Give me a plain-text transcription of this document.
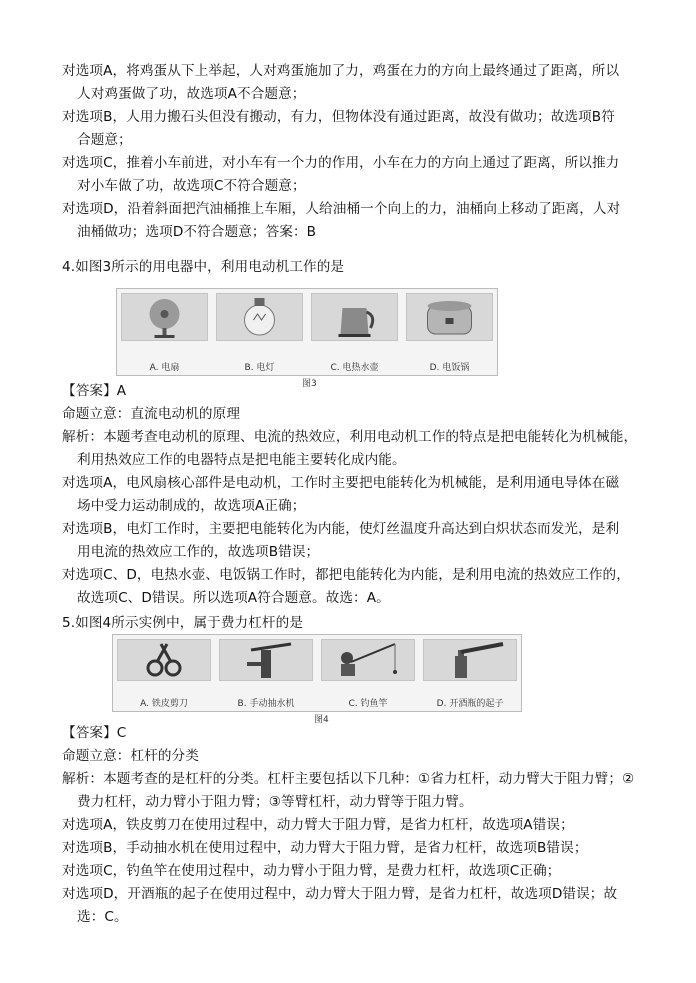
对选项A，将鸡蛋从下上举起，人对鸡蛋施加了力，鸡蛋在力的方向上最终通过了距离，所以
人对鸡蛋做了功，故选项A不合题意；
对选项B，人用力搬石头但没有搬动，有力，但物体没有通过距离，故没有做功；故选项B符
合题意；
对选项C，推着小车前进，对小车有一个力的作用，小车在力的方向上通过了距离，所以推力
对小车做了功，故选项C不符合题意；
对选项D，沿着斜面把汽油桶推上车厢，人给油桶一个向上的力，油桶向上移动了距离，人对
油桶做功；选项D不符合题意；答案：B
4.如图3所示的用电器中，利用电动机工作的是
A. 电扇	B. 电灯	C. 电热水壶	D. 电饭锅
图3
【答案】A
命题立意：直流电动机的原理
解析：本题考查电动机的原理、电流的热效应，利用电动机工作的特点是把电能转化为机械能，
利用热效应工作的电器特点是把电能主要转化成内能。
对选项A，电风扇核心部件是电动机，工作时主要把电能转化为机械能，是利用通电导体在磁
场中受力运动制成的，故选项A正确；
对选项B，电灯工作时，主要把电能转化为内能，使灯丝温度升高达到白炽状态而发光，是利
用电流的热效应工作的，故选项B错误；
对选项C、D，电热水壶、电饭锅工作时，都把电能转化为内能，是利用电流的热效应工作的，
故选项C、D错误。所以选项A符合题意。故选：A。
5.如图4所示实例中，属于费力杠杆的是
A. 铁皮剪刀	B. 手动抽水机	C. 钓鱼竿	D. 开酒瓶的起子
图4
【答案】C
命题立意：杠杆的分类
解析：本题考查的是杠杆的分类。杠杆主要包括以下几种：①省力杠杆，动力臂大于阻力臂；②
费力杠杆，动力臂小于阻力臂；③等臂杠杆，动力臂等于阻力臂。
对选项A，铁皮剪刀在使用过程中，动力臂大于阻力臂，是省力杠杆，故选项A错误；
对选项B，手动抽水机在使用过程中，动力臂大于阻力臂，是省力杠杆，故选项B错误；
对选项C，钓鱼竿在使用过程中，动力臂小于阻力臂，是费力杠杆，故选项C正确；
对选项D，开酒瓶的起子在使用过程中，动力臂大于阻力臂，是省力杠杆，故选项D错误；故
选：C。
